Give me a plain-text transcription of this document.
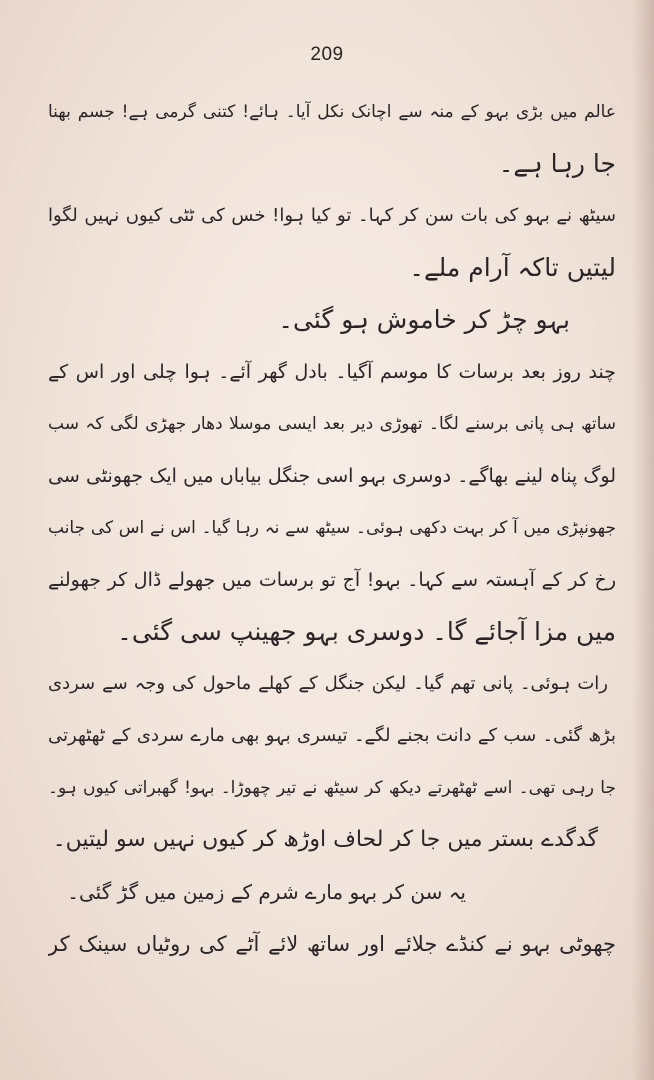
209
عالم میں بڑی بہو کے منہ سے اچانک نکل آیا۔ ہائے! کتنی گرمی ہے! جسم بھنا
جا رہا ہے۔
سیٹھ نے بہو کی بات سن کر کہا۔ تو کیا ہوا! خس کی ٹٹی کیوں نہیں لگوا
لیتیں تاکہ آرام ملے۔
بہو چڑ کر خاموش ہو گئی۔
چند روز بعد برسات کا موسم آگیا۔ بادل گھر آئے۔ ہوا چلی اور اس کے
ساتھ ہی پانی برسنے لگا۔ تھوڑی دیر بعد ایسی موسلا دھار جھڑی لگی کہ سب
لوگ پناہ لینے بھاگے۔ دوسری بہو اسی جنگل بیاباں میں ایک جھونٹی سی
جھونپڑی میں آ کر بہت دکھی ہوئی۔ سیٹھ سے نہ رہا گیا۔ اس نے اس کی جانب
رخ کر کے آہستہ سے کہا۔ بہو! آج تو برسات میں جھولے ڈال کر جھولنے
میں مزا آجائے گا۔ دوسری بہو جھینپ سی گئی۔
رات ہوئی۔ پانی تھم گیا۔ لیکن جنگل کے کھلے ماحول کی وجہ سے سردی
بڑھ گئی۔ سب کے دانت بجنے لگے۔ تیسری بہو بھی مارے سردی کے ٹھٹھرتی
جا رہی تھی۔ اسے ٹھٹھرتے دیکھ کر سیٹھ نے تیر چھوڑا۔ بہو! گھبراتی کیوں ہو۔
گدگدے بستر میں جا کر لحاف اوڑھ کر کیوں نہیں سو لیتیں۔
یہ سن کر بہو مارے شرم کے زمین میں گڑ گئی۔
چھوٹی بہو نے کنڈے جلائے اور ساتھ لائے آٹے کی روٹیاں سینک کر
